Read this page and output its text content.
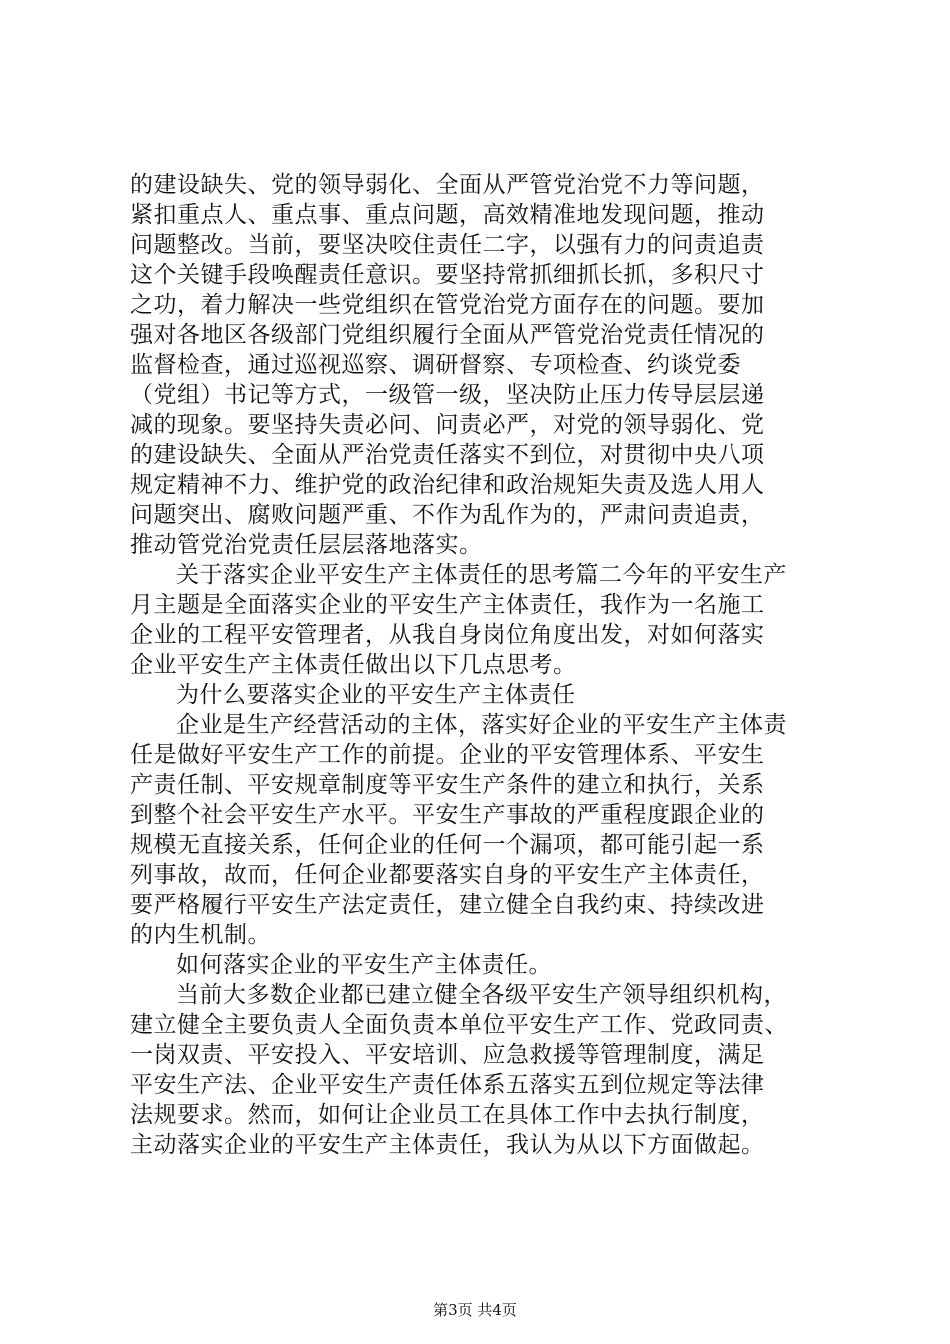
的建设缺失、党的领导弱化、全面从严管党治党不力等问题，
紧扣重点人、重点事、重点问题，高效精准地发现问题，推动
问题整改。当前，要坚决咬住责任二字，以强有力的问责追责
这个关键手段唤醒责任意识。要坚持常抓细抓长抓，多积尺寸
之功，着力解决一些党组织在管党治党方面存在的问题。要加
强对各地区各级部门党组织履行全面从严管党治党责任情况的
监督检查，通过巡视巡察、调研督察、专项检查、约谈党委
（党组）书记等方式，一级管一级，坚决防止压力传导层层递
减的现象。要坚持失责必问、问责必严，对党的领导弱化、党
的建设缺失、全面从严治党责任落实不到位，对贯彻中央八项
规定精神不力、维护党的政治纪律和政治规矩失责及选人用人
问题突出、腐败问题严重、不作为乱作为的，严肃问责追责，
推动管党治党责任层层落地落实。
关于落实企业平安生产主体责任的思考篇二今年的平安生产
月主题是全面落实企业的平安生产主体责任，我作为一名施工
企业的工程平安管理者，从我自身岗位角度出发，对如何落实
企业平安生产主体责任做出以下几点思考。
为什么要落实企业的平安生产主体责任
企业是生产经营活动的主体，落实好企业的平安生产主体责
任是做好平安生产工作的前提。企业的平安管理体系、平安生
产责任制、平安规章制度等平安生产条件的建立和执行，关系
到整个社会平安生产水平。平安生产事故的严重程度跟企业的
规模无直接关系，任何企业的任何一个漏项，都可能引起一系
列事故，故而，任何企业都要落实自身的平安生产主体责任，
要严格履行平安生产法定责任，建立健全自我约束、持续改进
的内生机制。
如何落实企业的平安生产主体责任。
当前大多数企业都已建立健全各级平安生产领导组织机构，
建立健全主要负责人全面负责本单位平安生产工作、党政同责、
一岗双责、平安投入、平安培训、应急救援等管理制度，满足
平安生产法、企业平安生产责任体系五落实五到位规定等法律
法规要求。然而，如何让企业员工在具体工作中去执行制度，
主动落实企业的平安生产主体责任，我认为从以下方面做起。
第3页 共4页
